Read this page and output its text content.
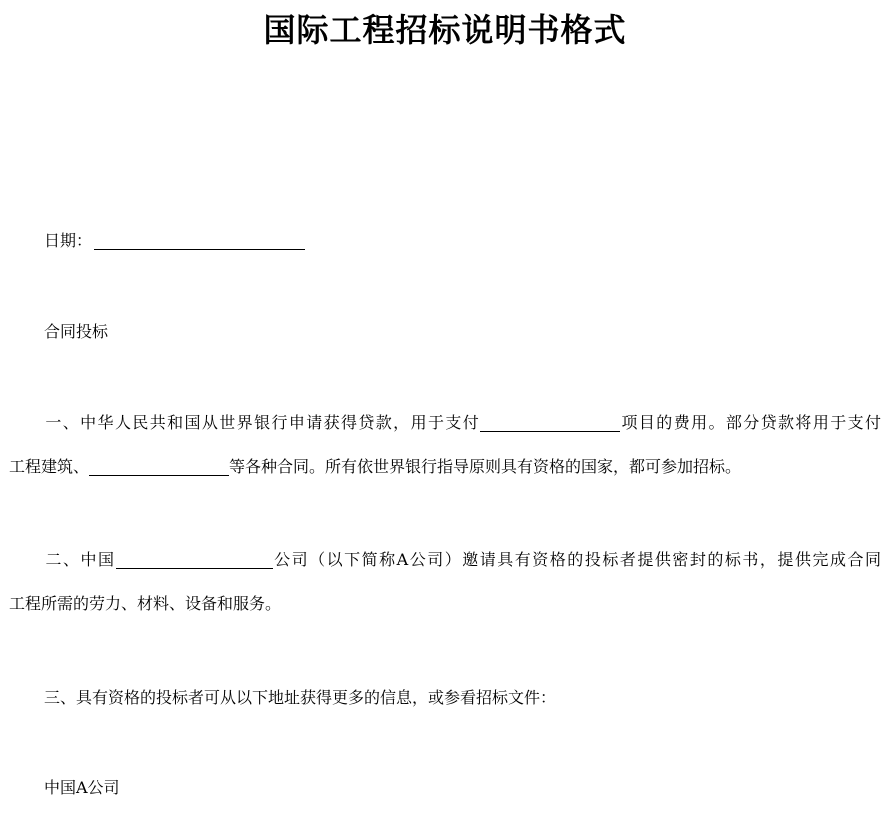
国际工程招标说明书格式

日期：

合同投标

一、中华人民共和国从世界银行申请获得贷款，用于支付	项目的费用。部分贷款将用于支付
工程建筑、	等各种合同。所有依世界银行指导原则具有资格的国家，都可参加招标。
二、中国	公司（以下简称A公司）邀请具有资格的投标者提供密封的标书，提供完成合同
工程所需的劳力、材料、设备和服务。

三、具有资格的投标者可从以下地址获得更多的信息，或参看招标文件：

中国A公司
